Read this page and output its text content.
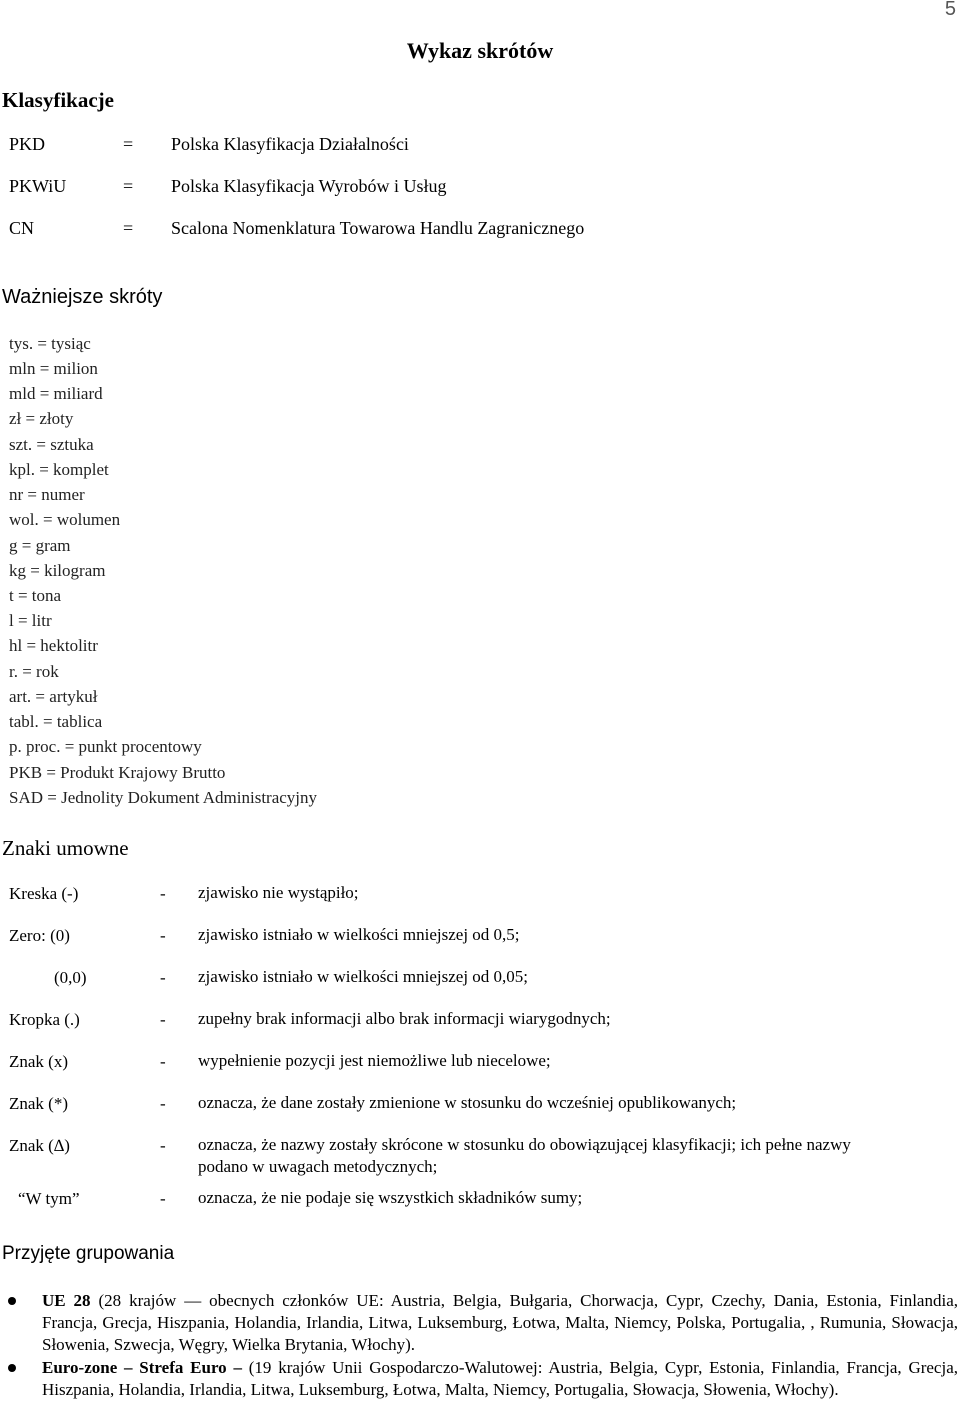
5
Wykaz skrótów
Klasyfikacje
PKD	= Polska Klasyfikacja Działalności
PKWiU	= Polska Klasyfikacja Wyrobów i Usług
CN	= Scalona Nomenklatura Towarowa Handlu Zagranicznego
Ważniejsze skróty
tys. = tysiąc
mln = milion
mld = miliard
zł = złoty
szt. = sztuka
kpl. = komplet
nr = numer
wol. = wolumen
g = gram
kg = kilogram
t = tona
l = litr
hl = hektolitr
r. = rok
art. = artykuł
tabl. = tablica
p. proc. = punkt procentowy
PKB = Produkt Krajowy Brutto
SAD = Jednolity Dokument Administracyjny
Znaki umowne
Kreska (-)	- zjawisko nie wystąpiło;
Zero: (0)	- zjawisko istniało w wielkości mniejszej od 0,5;
(0,0)	- zjawisko istniało w wielkości mniejszej od 0,05;
Kropka (.)	- zupełny brak informacji albo brak informacji wiarygodnych;
Znak (x)	- wypełnienie pozycji jest niemożliwe lub niecelowe;
Znak (*)	- oznacza, że dane zostały zmienione w stosunku do wcześniej opublikowanych;
Znak (∆)	- oznacza, że nazwy zostały skrócone w stosunku do obowiązującej klasyfikacji; ich pełne nazwy podano w uwagach metodycznych;
“W tym”	- oznacza, że nie podaje się wszystkich składników sumy;
Przyjęte grupowania
UE 28 (28 krajów — obecnych członków UE: Austria, Belgia, Bułgaria, Chorwacja, Cypr, Czechy, Dania, Estonia, Finlandia, Francja, Grecja, Hiszpania, Holandia, Irlandia, Litwa, Luksemburg, Łotwa, Malta, Niemcy, Polska, Portugalia, , Rumunia, Słowacja, Słowenia, Szwecja, Węgry, Wielka Brytania, Włochy).
Euro-zone – Strefa Euro – (19 krajów Unii Gospodarczo-Walutowej: Austria, Belgia, Cypr, Estonia, Finlandia, Francja, Grecja, Hiszpania, Holandia, Irlandia, Litwa, Luksemburg, Łotwa, Malta, Niemcy, Portugalia, Słowacja, Słowenia, Włochy).
